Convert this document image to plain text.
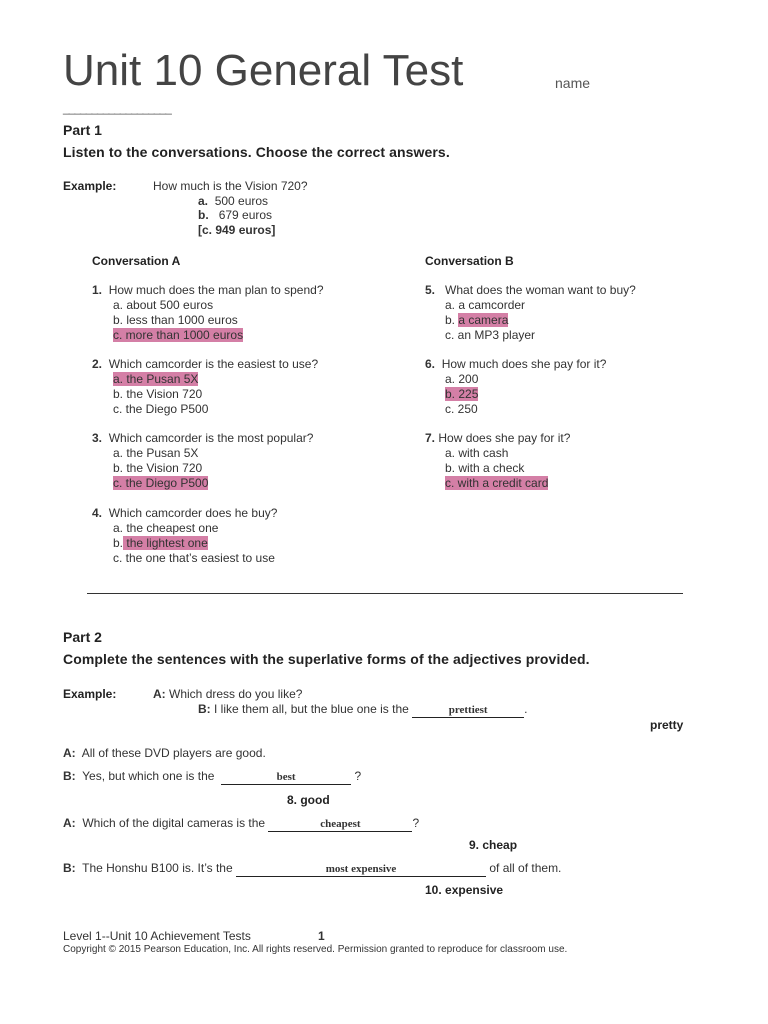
Unit 10 General Test	name
___________________
Part 1
Listen to the conversations. Choose the correct answers.
Example:	How much is the Vision 720?
a. 500 euros
b. 679 euros
[c. 949 euros]
Conversation A
1. How much does the man plan to spend?
a. about 500 euros
b. less than 1000 euros
c. more than 1000 euros
2. Which camcorder is the easiest to use?
a. the Pusan 5X
b. the Vision 720
c. the Diego P500
3. Which camcorder is the most popular?
a. the Pusan 5X
b. the Vision 720
c. the Diego P500
4. Which camcorder does he buy?
a. the cheapest one
b. the lightest one
c. the one that’s easiest to use
Conversation B
5. What does the woman want to buy?
a. a camcorder
b. a camera
c. an MP3 player
6. How much does she pay for it?
a. 200
b. 225
c. 250
7. How does she pay for it?
a. with cash
b. with a check
c. with a credit card
Part 2
Complete the sentences with the superlative forms of the adjectives provided.
Example:	A: Which dress do you like?
B: I like them all, but the blue one is the	prettiest	.
pretty
A: All of these DVD players are good.
B: Yes, but which one is the	best	?
8. good
A: Which of the digital cameras is the	cheapest	?
9. cheap
B: The Honshu B100 is. It’s the	most expensive	of all of them.
10. expensive
Level 1--Unit 10 Achievement Tests	1
Copyright © 2015 Pearson Education, Inc. All rights reserved. Permission granted to reproduce for classroom use.
